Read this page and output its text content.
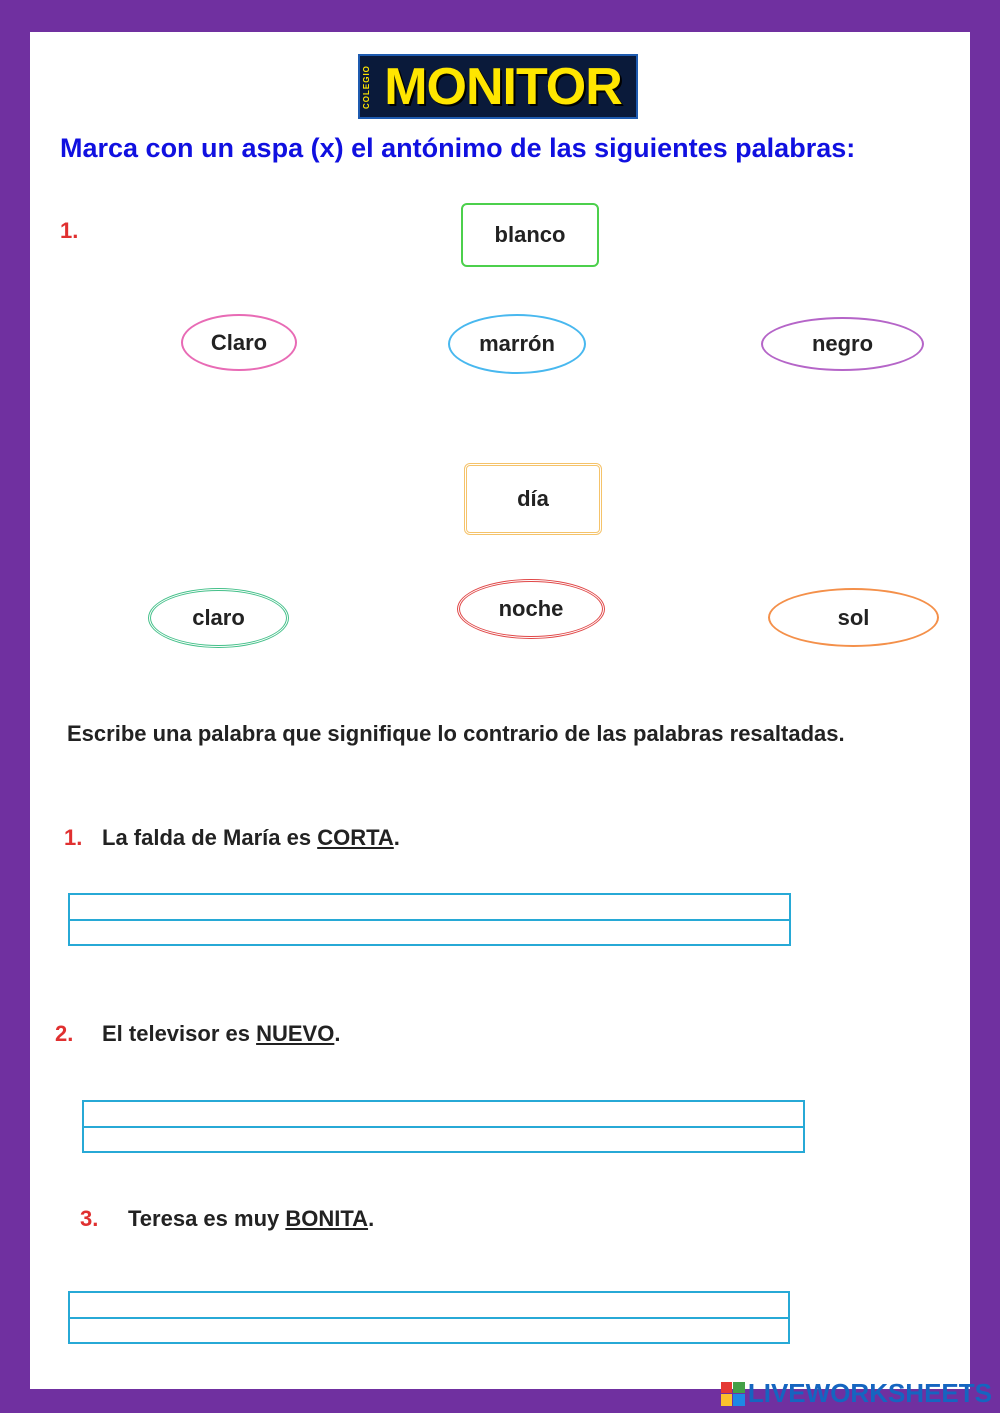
COLEGIO MONITOR
Marca con un aspa (x) el antónimo de las siguientes palabras:
1.	blanco
Claro	marrón	negro
día
claro	noche	sol
Escribe una palabra que signifique lo contrario de las palabras resaltadas.
1. La falda de María es CORTA.
2. El televisor es NUEVO.
3. Teresa es muy BONITA.
LIVEWORKSHEETS
